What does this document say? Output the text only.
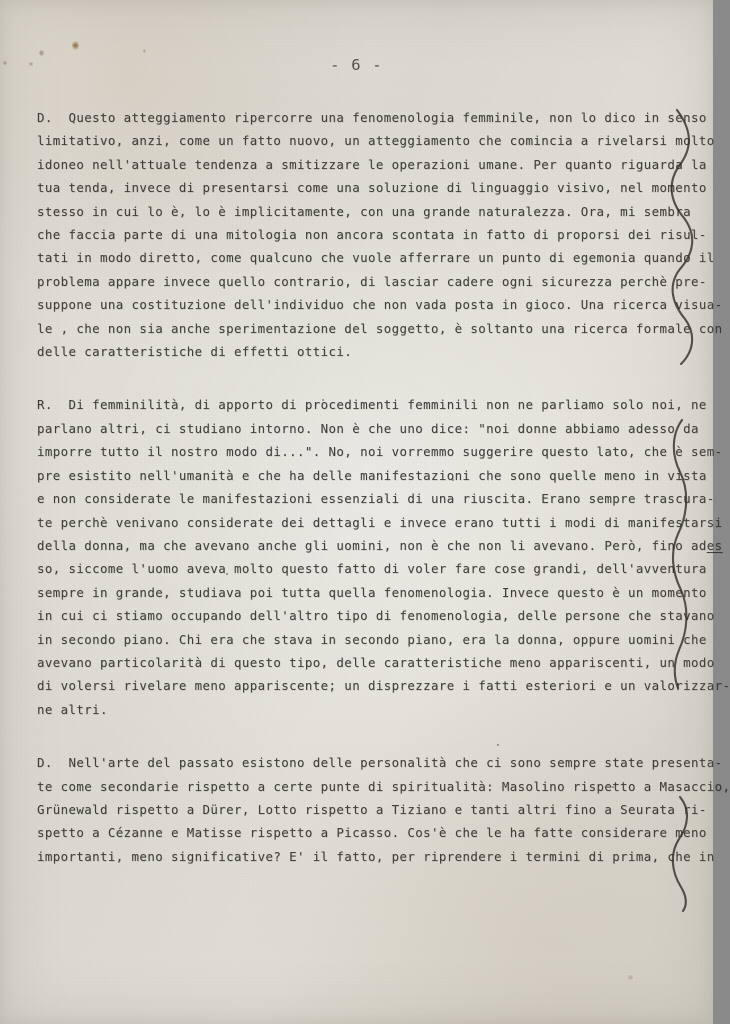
- 6 -

D.  Questo atteggiamento ripercorre una fenomenologia femminile, non lo dico in senso
limitativo, anzi, come un fatto nuovo, un atteggiamento che comincia a rivelarsi molto
idoneo nell'attuale tendenza a smitizzare le operazioni umane. Per quanto riguarda la
tua tenda, invece di presentarsi come una soluzione di linguaggio visivo, nel momento
stesso in cui lo è, lo è implicitamente, con una grande naturalezza. Ora, mi sembra
che faccia parte di una mitologia non ancora scontata in fatto di proporsi dei risul-
tati in modo diretto, come qualcuno che vuole afferrare un punto di egemonia quando il
problema appare invece quello contrario, di lasciar cadere ogni sicurezza perchè pre-
suppone una costituzione dell'individuo che non vada posta in gioco. Una ricerca visua-
le , che non sia anche sperimentazione del soggetto, è soltanto una ricerca formale con
delle caratteristiche di effetti ottici.

R.  Di femminilità, di apporto di procedimenti femminili non ne parliamo solo noi, ne
parlano altri, ci studiano intorno. Non è che uno dice: "noi donne abbiamo adesso da
imporre tutto il nostro modo di...". No, noi vorremmo suggerire questo lato, che è sem-
pre esistito nell'umanità e che ha delle manifestazioni che sono quelle meno in vista
e non considerate le manifestazioni essenziali di una riuscita. Erano sempre trascura-
te perchè venivano considerate dei dettagli e invece erano tutti i modi di manifestarsi
della donna, ma che avevano anche gli uomini, non è che non li avevano. Però, fino ades
so, siccome l'uomo aveva molto questo fatto di voler fare cose grandi, dell'avventura
sempre in grande, studiava poi tutta quella fenomenologia. Invece questo è un momento
in cui ci stiamo occupando dell'altro tipo di fenomenologia, delle persone che stavano
in secondo piano. Chi era che stava in secondo piano, era la donna, oppure uomini che
avevano particolarità di questo tipo, delle caratteristiche meno appariscenti, un modo
di volersi rivelare meno appariscente; un disprezzare i fatti esteriori e un valorizzar-
ne altri.

D.  Nell'arte del passato esistono delle personalità che ci sono sempre state presenta-
te come secondarie rispetto a certe punte di spiritualità: Masolino rispetto a Masaccio,
Grünewald rispetto a Dürer, Lotto rispetto a Tiziano e tanti altri fino a Seurata ri-
spetto a Cézanne e Matisse rispetto a Picasso. Cos'è che le ha fatte considerare meno
importanti, meno significative? E' il fatto, per riprendere i termini di prima, che in
